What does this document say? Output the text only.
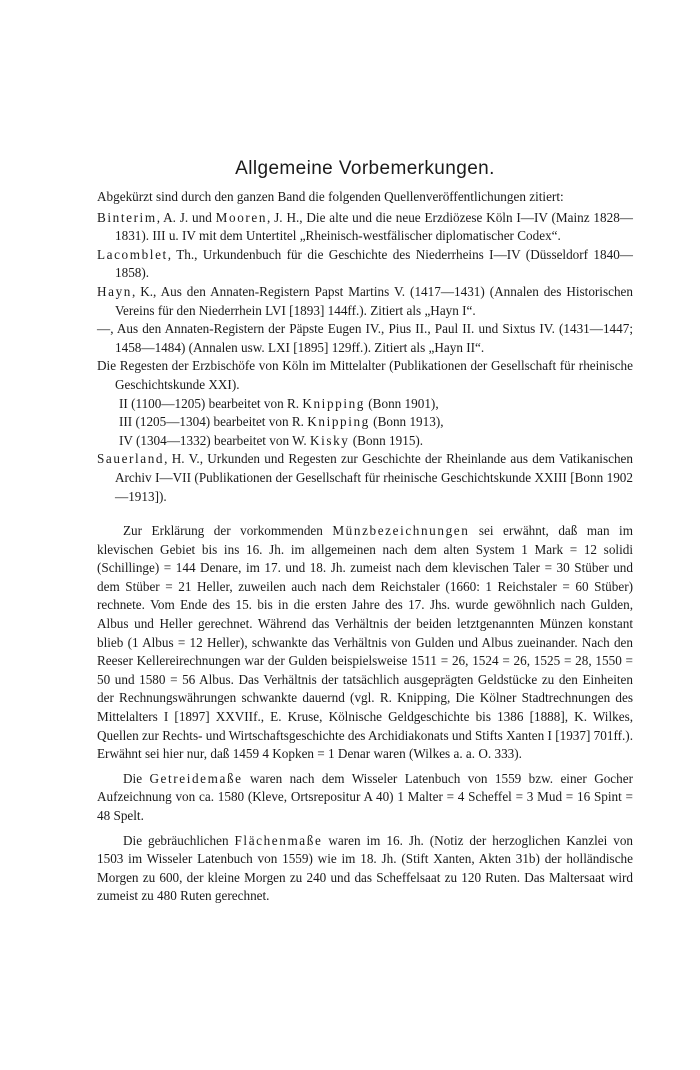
Allgemeine Vorbemerkungen.

Abgekürzt sind durch den ganzen Band die folgenden Quellenveröffentlichungen zitiert:

Binterim, A. J. und Mooren, J. H., Die alte und die neue Erzdiözese Köln I—IV (Mainz 1828—1831). III u. IV mit dem Untertitel „Rheinisch-westfälischer diplomatischer Codex“.

Lacomblet, Th., Urkundenbuch für die Geschichte des Niederrheins I—IV (Düsseldorf 1840—1858).

Hayn, K., Aus den Annaten-Registern Papst Martins V. (1417—1431) (Annalen des Historischen Vereins für den Niederrhein LVI [1893] 144ff.). Zitiert als „Hayn I“.

—, Aus den Annaten-Registern der Päpste Eugen IV., Pius II., Paul II. und Sixtus IV. (1431—1447; 1458—1484) (Annalen usw. LXI [1895] 129ff.). Zitiert als „Hayn II“.

Die Regesten der Erzbischöfe von Köln im Mittelalter (Publikationen der Gesellschaft für rheinische Geschichtskunde XXI).

II (1100—1205) bearbeitet von R. Knipping (Bonn 1901),

III (1205—1304) bearbeitet von R. Knipping (Bonn 1913),

IV (1304—1332) bearbeitet von W. Kisky (Bonn 1915).

Sauerland, H. V., Urkunden und Regesten zur Geschichte der Rheinlande aus dem Vatikanischen Archiv I—VII (Publikationen der Gesellschaft für rheinische Geschichtskunde XXIII [Bonn 1902—1913]).

Zur Erklärung der vorkommenden Münzbezeichnungen sei erwähnt, daß man im klevischen Gebiet bis ins 16. Jh. im allgemeinen nach dem alten System 1 Mark = 12 solidi (Schillinge) = 144 Denare, im 17. und 18. Jh. zumeist nach dem klevischen Taler = 30 Stüber und dem Stüber = 21 Heller, zuweilen auch nach dem Reichstaler (1660: 1 Reichstaler = 60 Stüber) rechnete. Vom Ende des 15. bis in die ersten Jahre des 17. Jhs. wurde gewöhnlich nach Gulden, Albus und Heller gerechnet. Während das Verhältnis der beiden letztgenannten Münzen konstant blieb (1 Albus = 12 Heller), schwankte das Verhältnis von Gulden und Albus zueinander. Nach den Reeser Kellereirechnungen war der Gulden beispielsweise 1511 = 26, 1524 = 26, 1525 = 28, 1550 = 50 und 1580 = 56 Albus. Das Verhältnis der tatsächlich ausgeprägten Geldstücke zu den Einheiten der Rechnungswährungen schwankte dauernd (vgl. R. Knipping, Die Kölner Stadtrechnungen des Mittelalters I [1897] XXVIIf., E. Kruse, Kölnische Geldgeschichte bis 1386 [1888], K. Wilkes, Quellen zur Rechts- und Wirtschaftsgeschichte des Archidiakonats und Stifts Xanten I [1937] 701ff.). Erwähnt sei hier nur, daß 1459 4 Kopken = 1 Denar waren (Wilkes a. a. O. 333).

Die Getreidemaße waren nach dem Wisseler Latenbuch von 1559 bzw. einer Gocher Aufzeichnung von ca. 1580 (Kleve, Ortsrepositur A 40) 1 Malter = 4 Scheffel = 3 Mud = 16 Spint = 48 Spelt.

Die gebräuchlichen Flächenmaße waren im 16. Jh. (Notiz der herzoglichen Kanzlei von 1503 im Wisseler Latenbuch von 1559) wie im 18. Jh. (Stift Xanten, Akten 31b) der holländische Morgen zu 600, der kleine Morgen zu 240 und das Scheffelsaat zu 120 Ruten. Das Maltersaat wird zumeist zu 480 Ruten gerechnet.
